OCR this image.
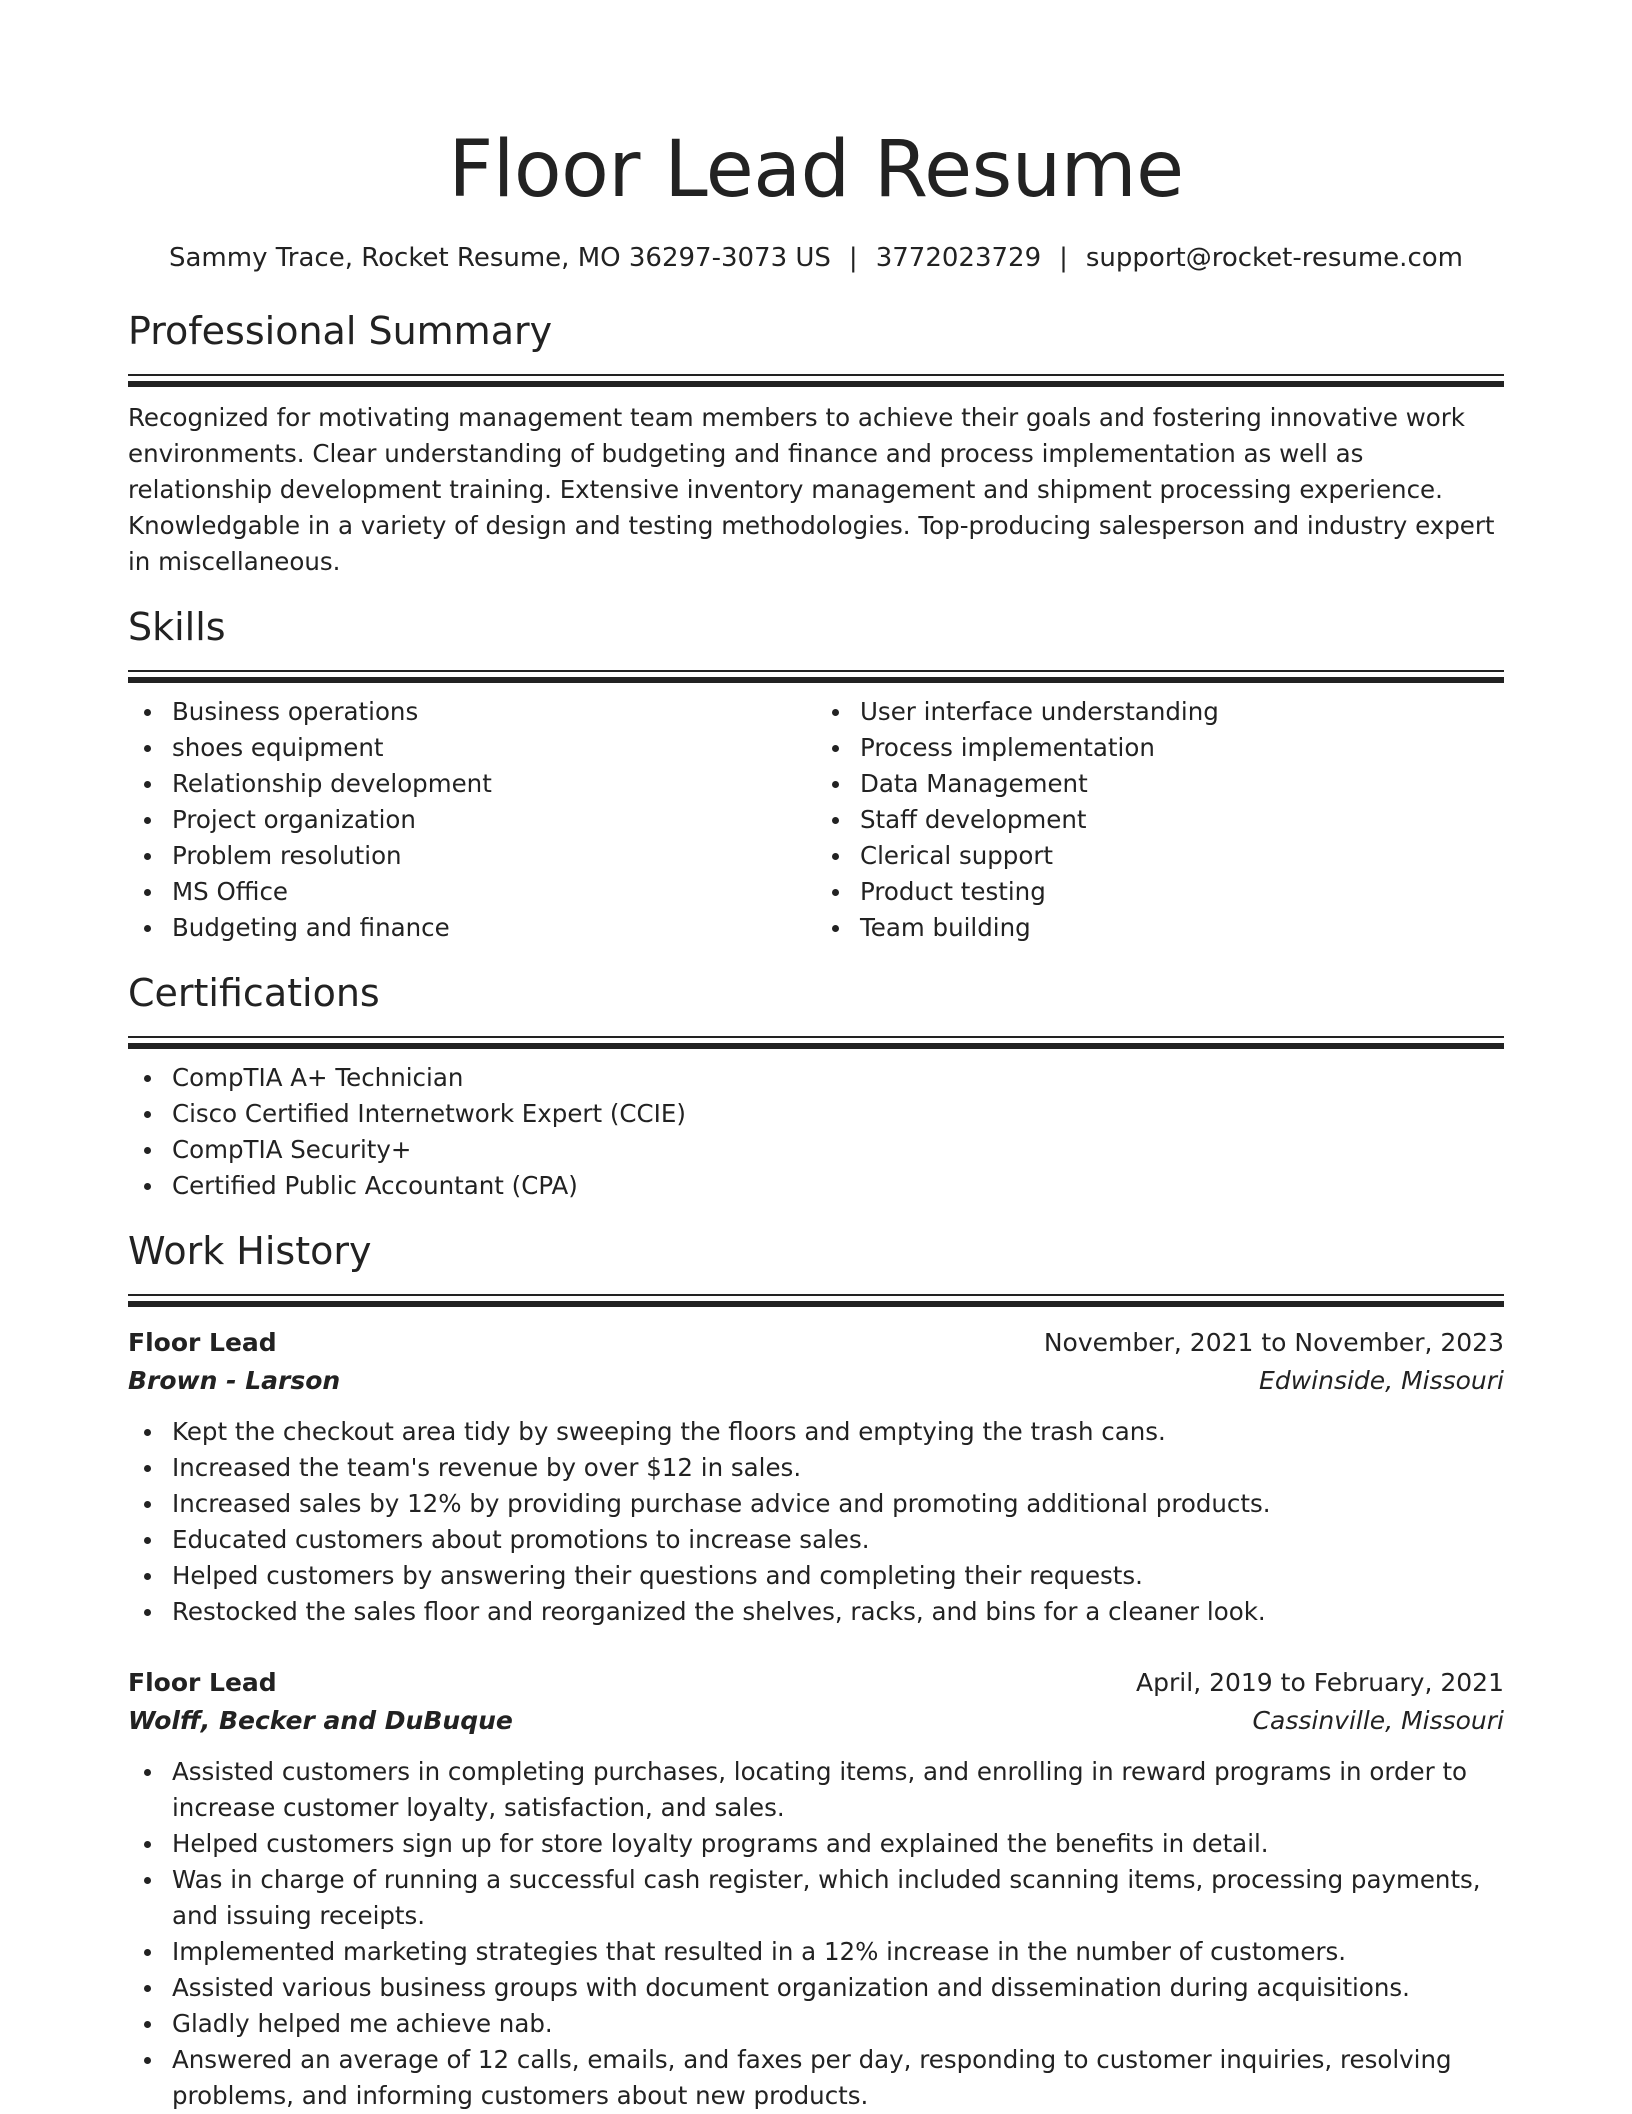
Floor Lead Resume
Sammy Trace, Rocket Resume, MO 36297-3073 US | 3772023729 | support@rocket-resume.com
Professional Summary

Recognized for motivating management team members to achieve their goals and fostering innovative work environments. Clear understanding of budgeting and finance and process implementation as well as relationship development training. Extensive inventory management and shipment processing experience. Knowledgable in a variety of design and testing methodologies. Top-producing salesperson and industry expert in miscellaneous.

Skills
Business operations
shoes equipment
Relationship development
Project organization
Problem resolution
MS Office
Budgeting and finance
User interface understanding
Process implementation
Data Management
Staff development
Clerical support
Product testing
Team building
Certifications
CompTIA A+ Technician
Cisco Certified Internetwork Expert (CCIE)
CompTIA Security+
Certified Public Accountant (CPA)
Work History
Floor Lead	November, 2021 to November, 2023
Brown - Larson	Edwinside, Missouri
Kept the checkout area tidy by sweeping the floors and emptying the trash cans.
Increased the team's revenue by over $12 in sales.
Increased sales by 12% by providing purchase advice and promoting additional products.
Educated customers about promotions to increase sales.
Helped customers by answering their questions and completing their requests.
Restocked the sales floor and reorganized the shelves, racks, and bins for a cleaner look.
Floor Lead	April, 2019 to February, 2021
Wolff, Becker and DuBuque	Cassinville, Missouri
Assisted customers in completing purchases, locating items, and enrolling in reward programs in order to increase customer loyalty, satisfaction, and sales.
Helped customers sign up for store loyalty programs and explained the benefits in detail.
Was in charge of running a successful cash register, which included scanning items, processing payments, and issuing receipts.
Implemented marketing strategies that resulted in a 12% increase in the number of customers.
Assisted various business groups with document organization and dissemination during acquisitions.
Gladly helped me achieve nab.
Answered an average of 12 calls, emails, and faxes per day, responding to customer inquiries, resolving problems, and informing customers about new products.
